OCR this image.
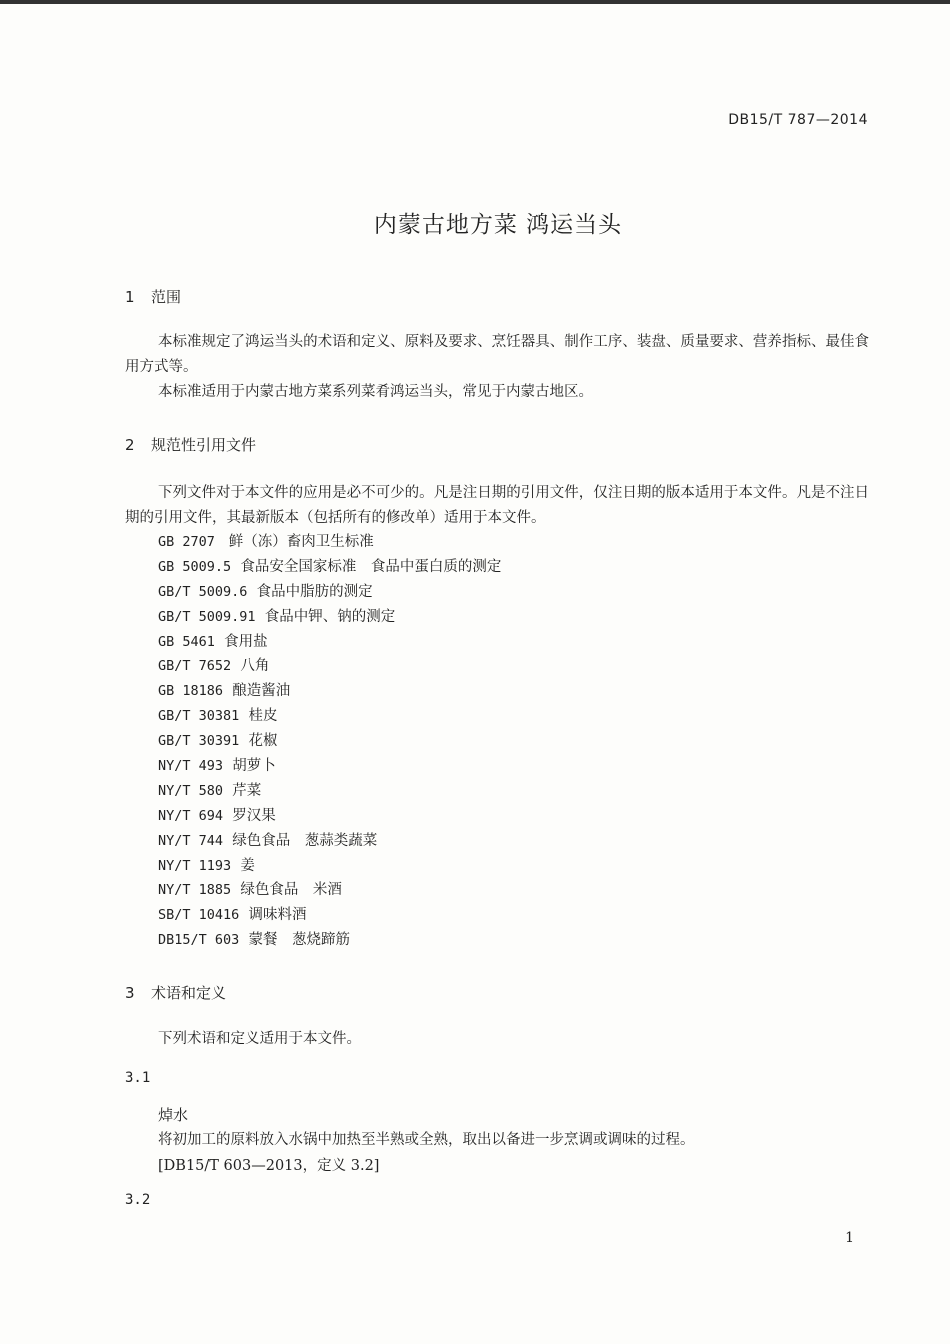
DB15/T 787—2014
内蒙古地方菜 鸿运当头
1 范围

本标准规定了鸿运当头的术语和定义、原料及要求、烹饪器具、制作工序、装盘、质量要求、营养指标、最佳食用方式等。

本标准适用于内蒙古地方菜系列菜肴鸿运当头，常见于内蒙古地区。

2 规范性引用文件

下列文件对于本文件的应用是必不可少的。凡是注日期的引用文件，仅注日期的版本适用于本文件。凡是不注日期的引用文件，其最新版本（包括所有的修改单）适用于本文件。

GB 2707 鲜（冻）畜肉卫生标准
GB 5009.5 食品安全国家标准　食品中蛋白质的测定
GB/T 5009.6 食品中脂肪的测定
GB/T 5009.91 食品中钾、钠的测定
GB 5461 食用盐
GB/T 7652 八角
GB 18186 酿造酱油
GB/T 30381 桂皮
GB/T 30391 花椒
NY/T 493 胡萝卜
NY/T 580 芹菜
NY/T 694 罗汉果
NY/T 744 绿色食品　葱蒜类蔬菜
NY/T 1193 姜
NY/T 1885 绿色食品　米酒
SB/T 10416 调味料酒
DB15/T 603 蒙餐　葱烧蹄筋
3 术语和定义

下列术语和定义适用于本文件。

3.1
焯水
将初加工的原料放入水锅中加热至半熟或全熟，取出以备进一步烹调或调味的过程。
[DB15/T 603—2013，定义 3.2]
3.2
1
